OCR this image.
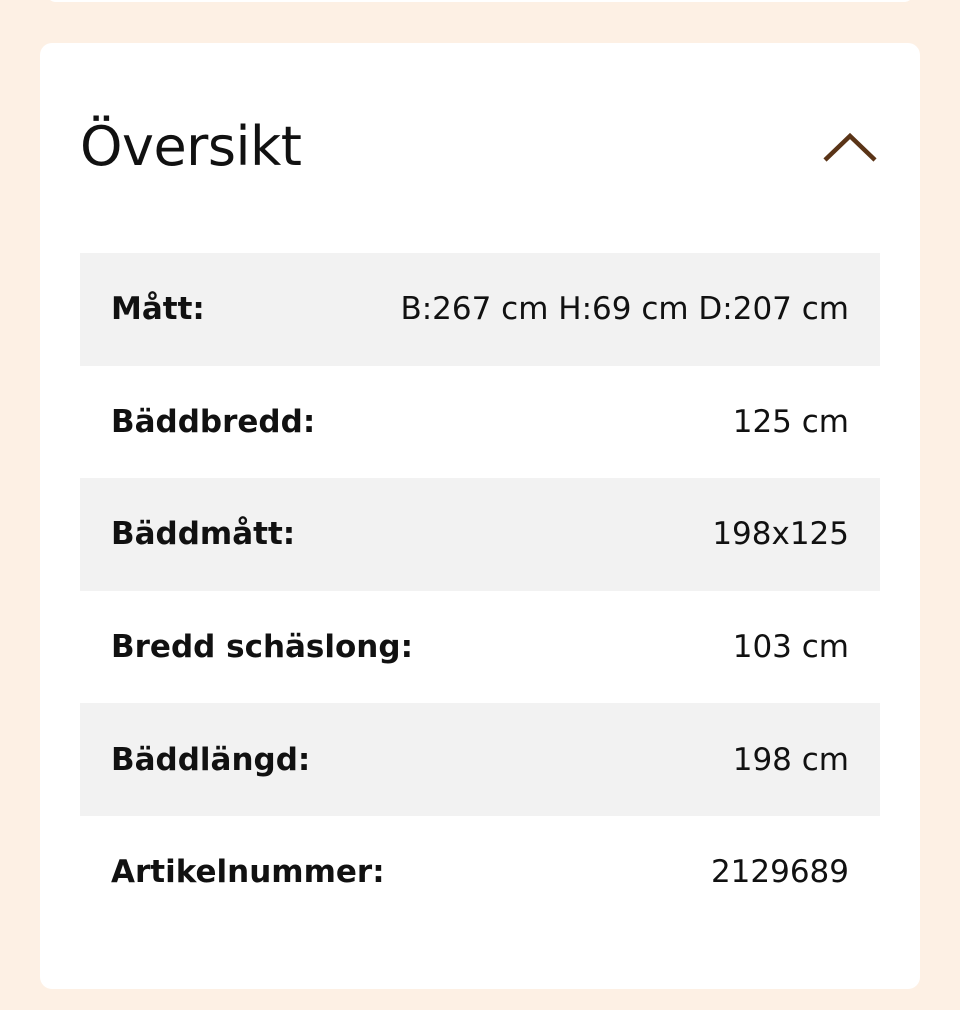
Översikt
Mått:	B:267 cm H:69 cm D:207 cm
Bäddbredd:	125 cm
Bäddmått:	198x125
Bredd schäslong:	103 cm
Bäddlängd:	198 cm
Artikelnummer:	2129689
